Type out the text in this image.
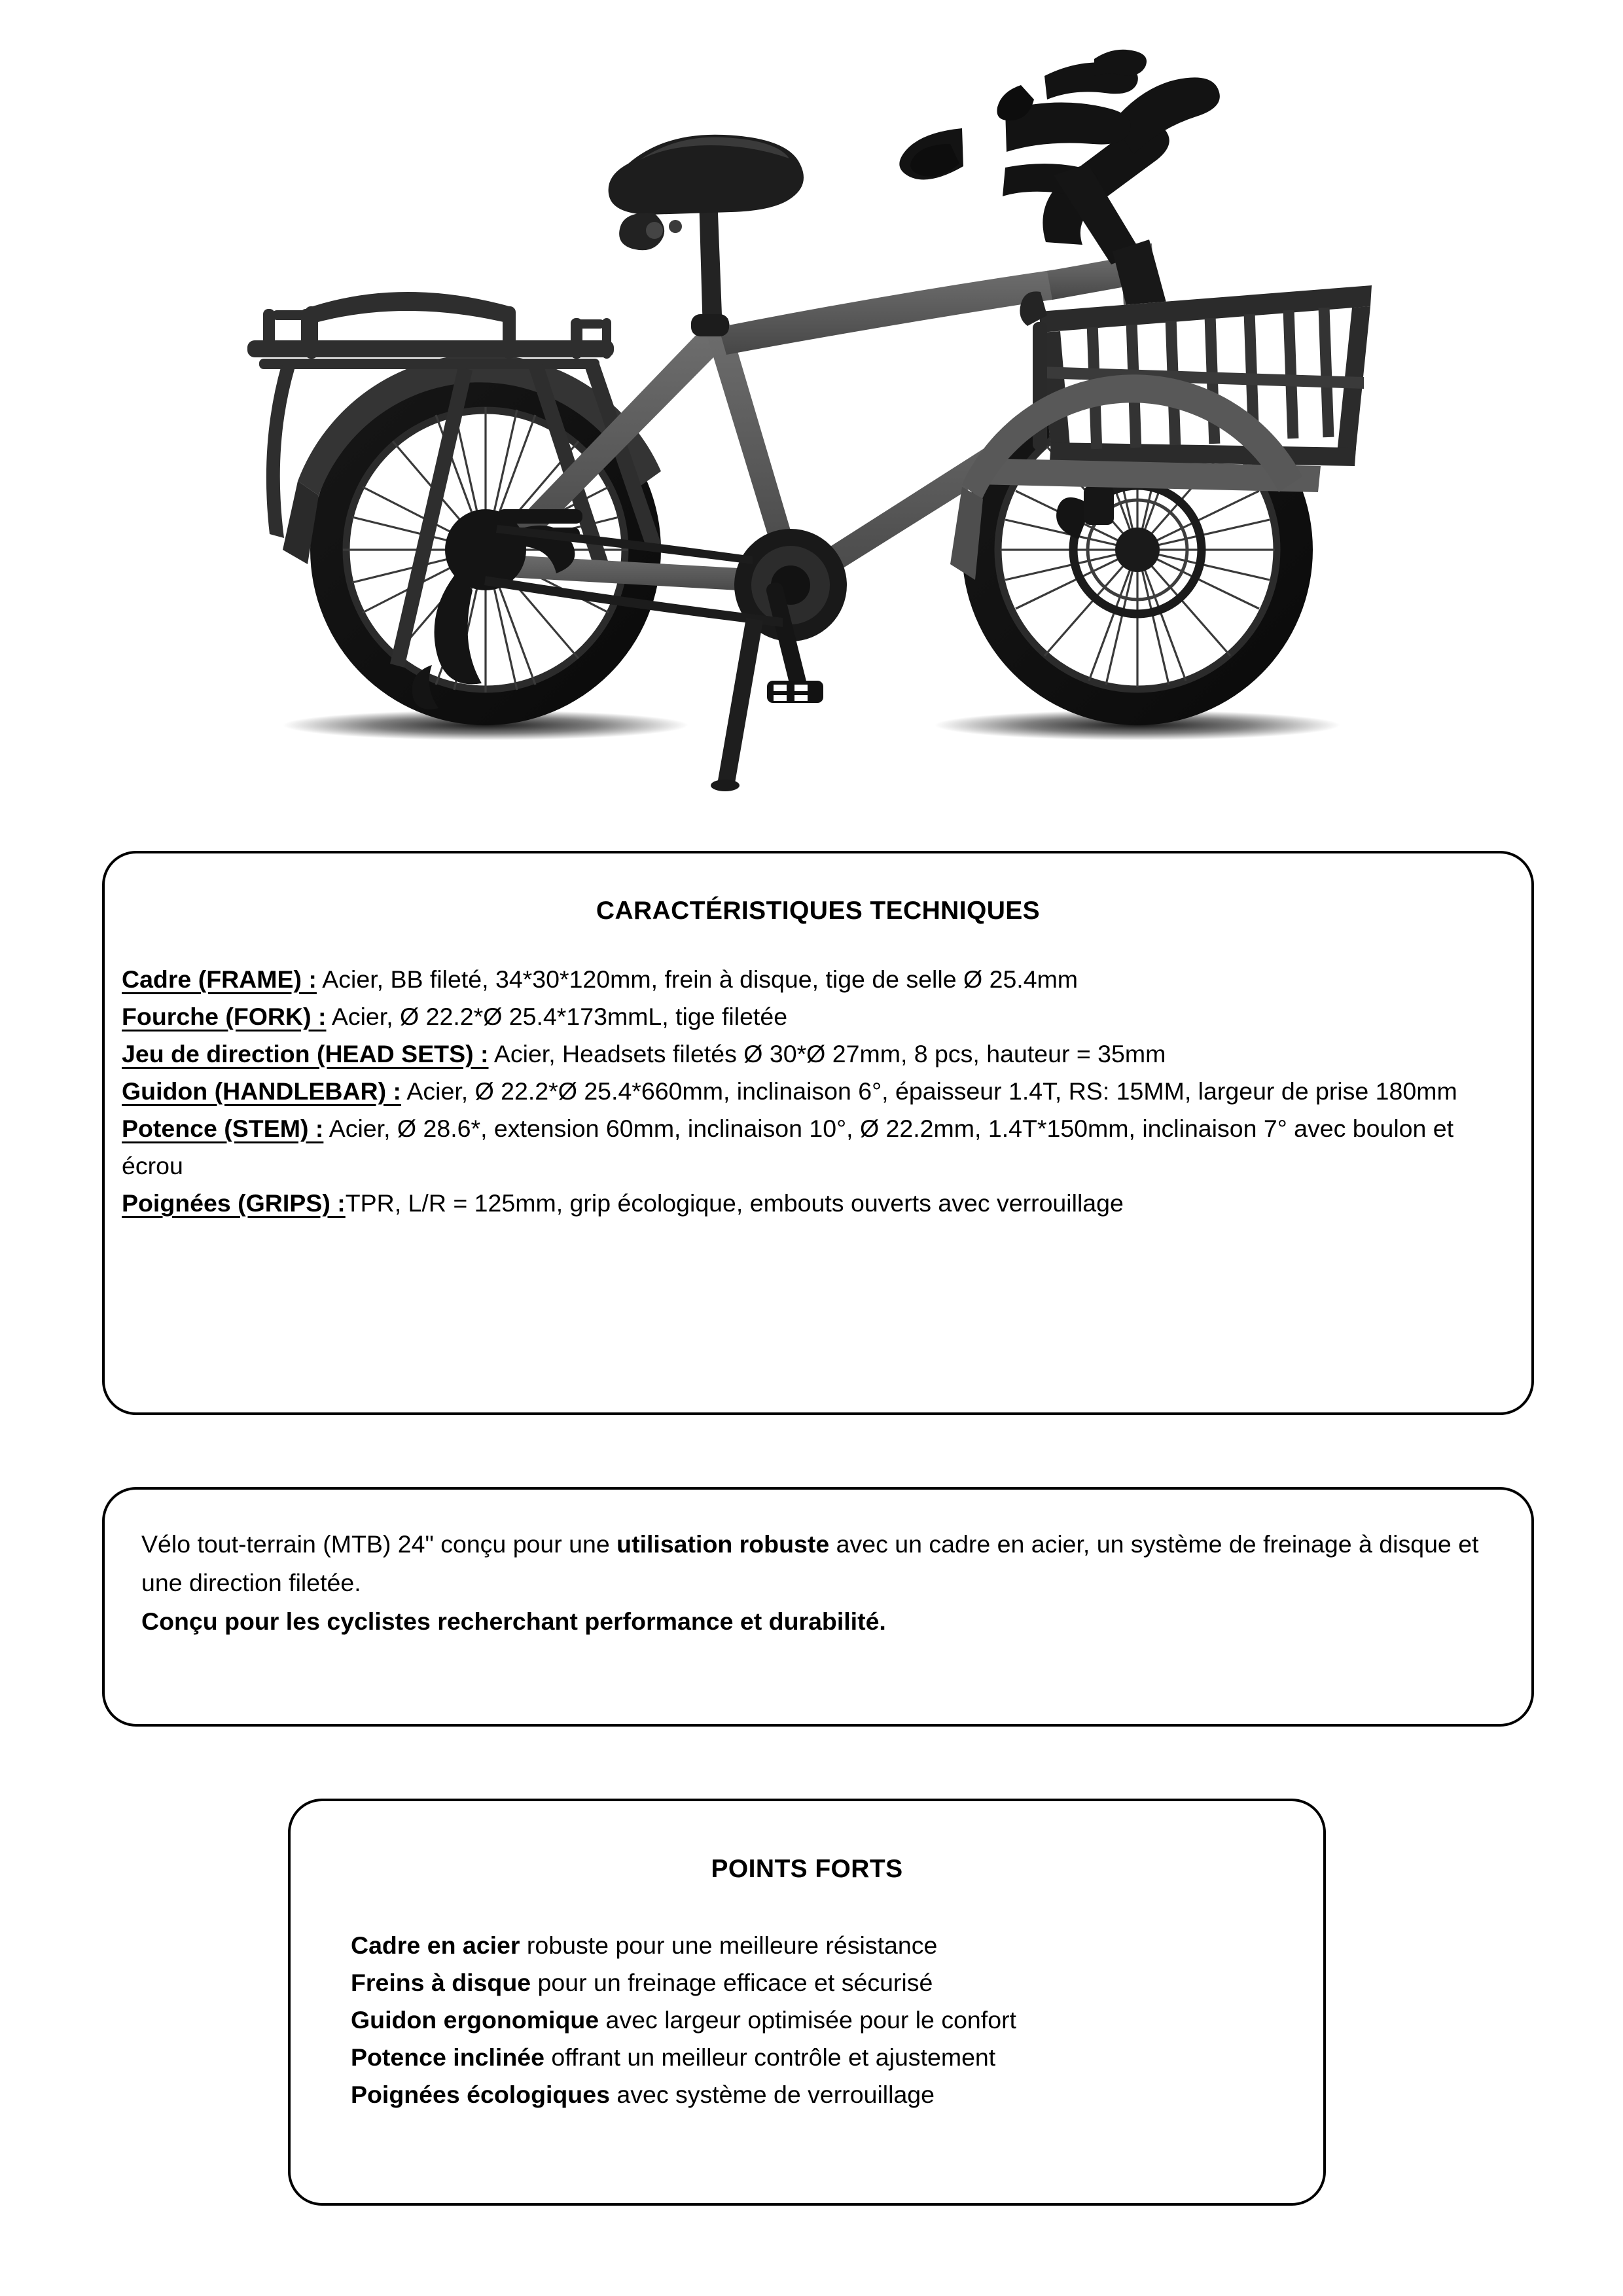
CARACTÉRISTIQUES TECHNIQUES
Cadre (FRAME) : Acier, BB fileté, 34*30*120mm, frein à disque, tige de selle Ø 25.4mm
Fourche (FORK) : Acier, Ø 22.2*Ø 25.4*173mmL, tige filetée
Jeu de direction (HEAD SETS) : Acier, Headsets filetés Ø 30*Ø 27mm, 8 pcs, hauteur = 35mm
Guidon (HANDLEBAR) : Acier, Ø 22.2*Ø 25.4*660mm, inclinaison 6°, épaisseur 1.4T, RS: 15MM, largeur de prise 180mm
Potence (STEM) : Acier, Ø 28.6*, extension 60mm, inclinaison 10°, Ø 22.2mm, 1.4T*150mm, inclinaison 7° avec boulon et écrou
Poignées (GRIPS) :TPR, L/R = 125mm, grip écologique, embouts ouverts avec verrouillage

Vélo tout-terrain (MTB) 24" conçu pour une utilisation robuste avec un cadre en acier, un système de freinage à disque et une direction filetée.

Conçu pour les cyclistes recherchant performance et durabilité.

POINTS FORTS
Cadre en acier robuste pour une meilleure résistance
Freins à disque pour un freinage efficace et sécurisé
Guidon ergonomique avec largeur optimisée pour le confort
Potence inclinée offrant un meilleur contrôle et ajustement
Poignées écologiques avec système de verrouillage
